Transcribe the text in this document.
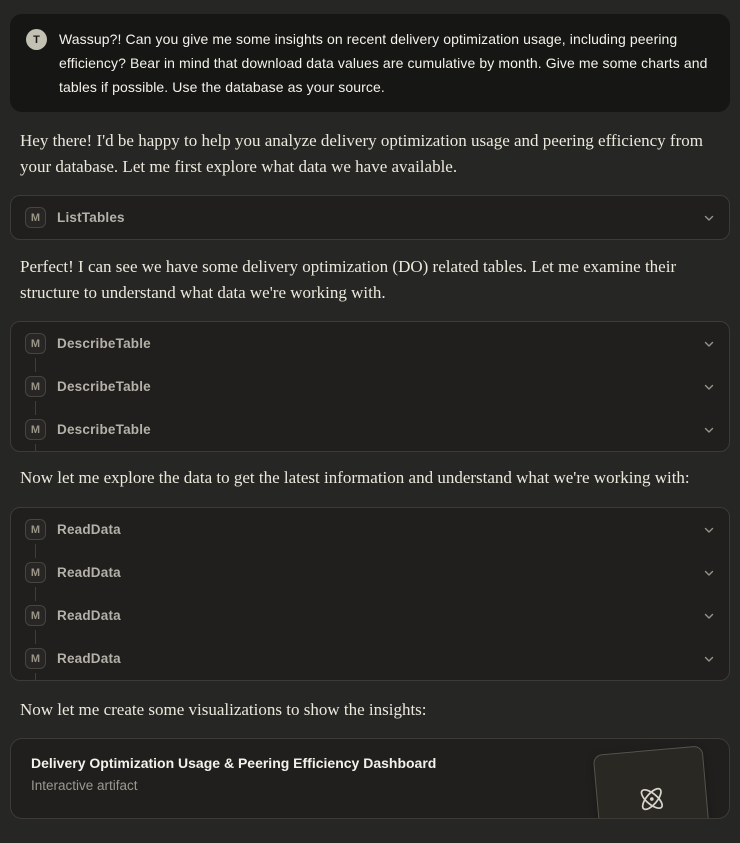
T	Wassup?! Can you give me some insights on recent delivery optimization usage, including peering efficiency? Bear in mind that download data values are cumulative by month. Give me some charts and tables if possible. Use the database as your source.
Hey there! I'd be happy to help you analyze delivery optimization usage and peering efficiency from your database. Let me first explore what data we have available.
M	ListTables
Perfect! I can see we have some delivery optimization (DO) related tables. Let me examine their structure to understand what data we're working with.
M	DescribeTable
M	DescribeTable
M	DescribeTable
Now let me explore the data to get the latest information and understand what we're working with:
M	ReadData
M	ReadData
M	ReadData
M	ReadData
Now let me create some visualizations to show the insights:
Delivery Optimization Usage & Peering Efficiency Dashboard
Interactive artifact
